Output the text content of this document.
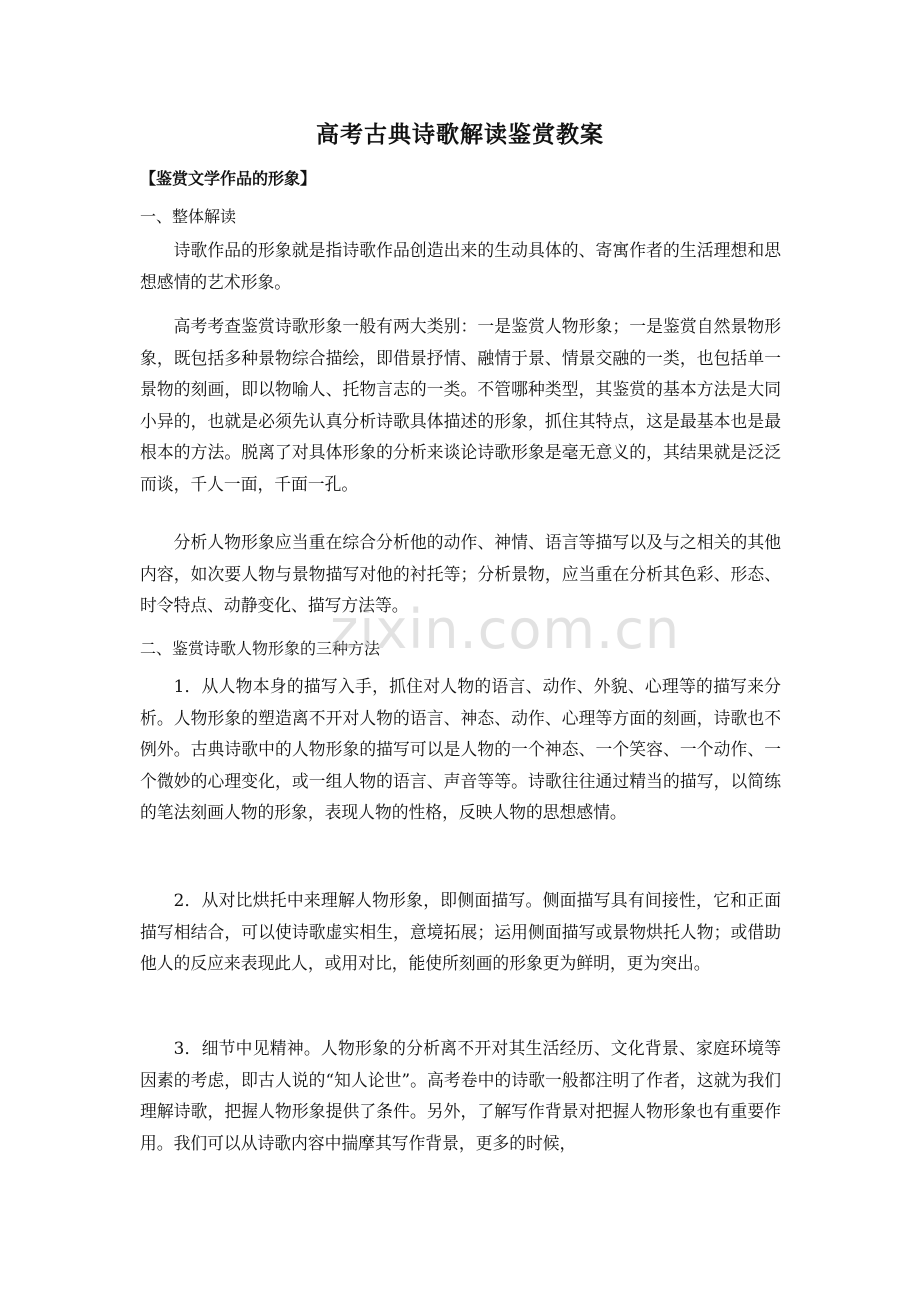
高考古典诗歌解读鉴赏教案
【鉴赏文学作品的形象】
一、整体解读
诗歌作品的形象就是指诗歌作品创造出来的生动具体的、寄寓作者的生活理想和思想感情的艺术形象。
高考考查鉴赏诗歌形象一般有两大类别：一是鉴赏人物形象；一是鉴赏自然景物形象，既包括多种景物综合描绘，即借景抒情、融情于景、情景交融的一类，也包括单一景物的刻画，即以物喻人、托物言志的一类。不管哪种类型，其鉴赏的基本方法是大同小异的，也就是必须先认真分析诗歌具体描述的形象，抓住其特点，这是最基本也是最根本的方法。脱离了对具体形象的分析来谈论诗歌形象是毫无意义的，其结果就是泛泛而谈，千人一面，千面一孔。
分析人物形象应当重在综合分析他的动作、神情、语言等描写以及与之相关的其他内容，如次要人物与景物描写对他的衬托等；分析景物，应当重在分析其色彩、形态、时令特点、动静变化、描写方法等。
二、鉴赏诗歌人物形象的三种方法
1．从人物本身的描写入手，抓住对人物的语言、动作、外貌、心理等的描写来分析。人物形象的塑造离不开对人物的语言、神态、动作、心理等方面的刻画，诗歌也不例外。古典诗歌中的人物形象的描写可以是人物的一个神态、一个笑容、一个动作、一个微妙的心理变化，或一组人物的语言、声音等等。诗歌往往通过精当的描写，以简练的笔法刻画人物的形象，表现人物的性格，反映人物的思想感情。
2．从对比烘托中来理解人物形象，即侧面描写。侧面描写具有间接性，它和正面描写相结合，可以使诗歌虚实相生，意境拓展；运用侧面描写或景物烘托人物；或借助他人的反应来表现此人，或用对比，能使所刻画的形象更为鲜明，更为突出。
3．细节中见精神。人物形象的分析离不开对其生活经历、文化背景、家庭环境等因素的考虑，即古人说的“知人论世”。高考卷中的诗歌一般都注明了作者，这就为我们理解诗歌，把握人物形象提供了条件。另外，了解写作背景对把握人物形象也有重要作用。我们可以从诗歌内容中揣摩其写作背景，更多的时候，
zixin.com.cn
